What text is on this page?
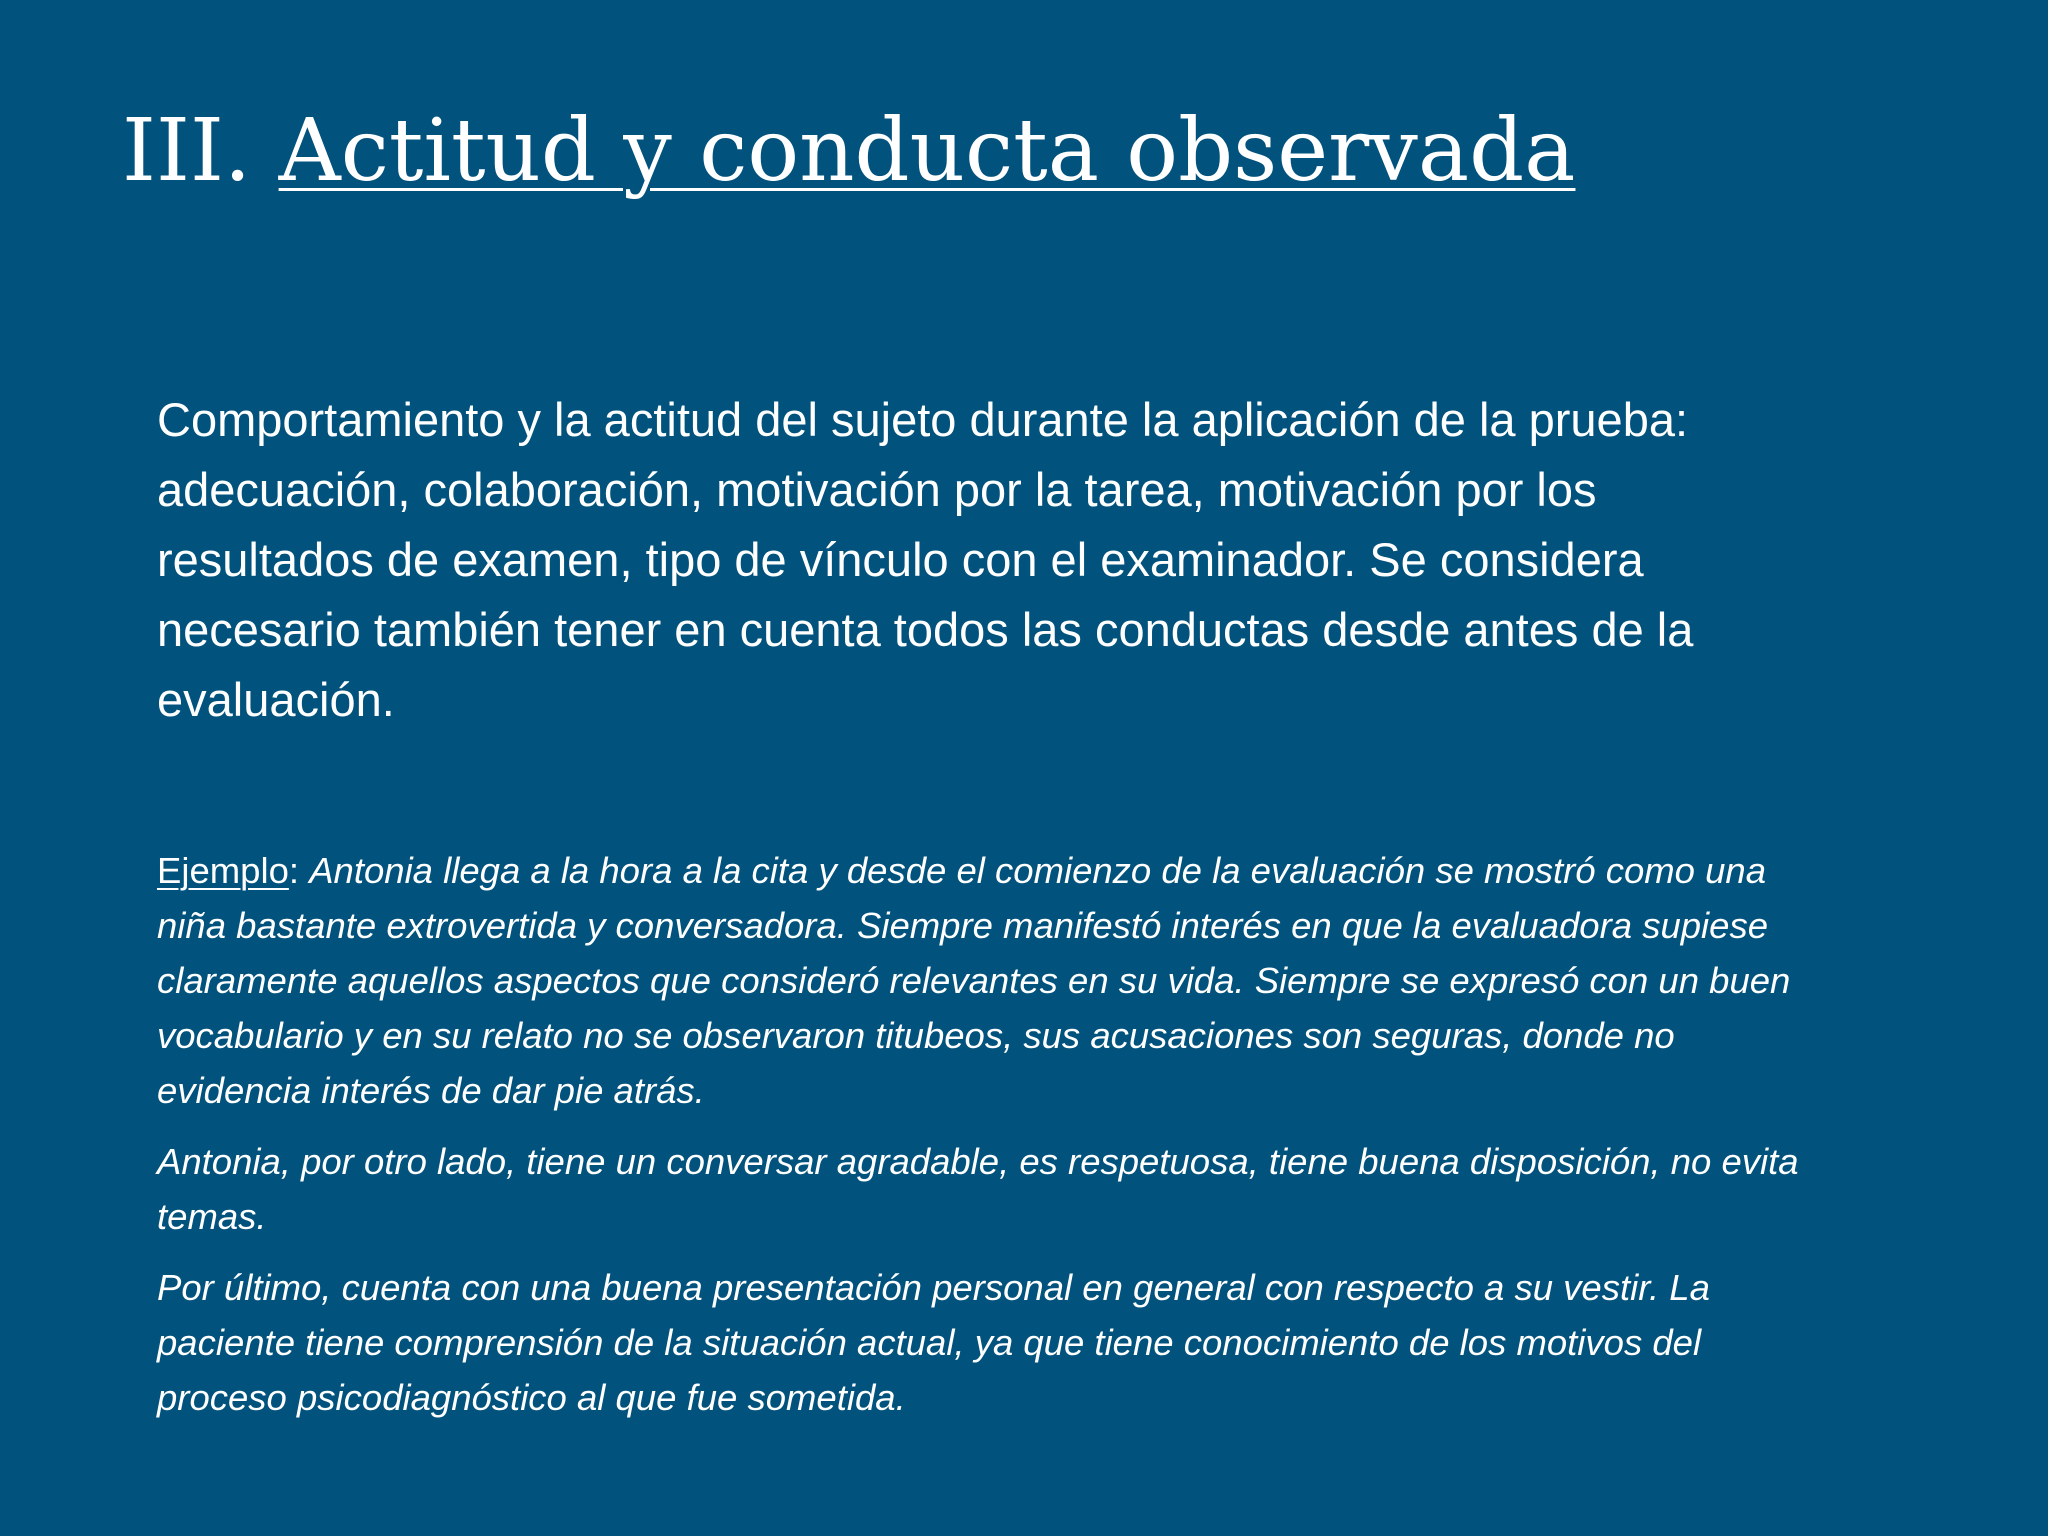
III. Actitud y conducta observada

Comportamiento y la actitud del sujeto durante la aplicación de la prueba: adecuación, colaboración, motivación por la tarea, motivación por los resultados de examen, tipo de vínculo con el examinador. Se considera necesario también tener en cuenta todos las conductas desde antes de la evaluación.

Ejemplo: Antonia llega a la hora a la cita y desde el comienzo de la evaluación se mostró como una niña bastante extrovertida y conversadora. Siempre manifestó interés en que la evaluadora supiese claramente aquellos aspectos que consideró relevantes en su vida. Siempre se expresó con un buen vocabulario y en su relato no se observaron titubeos, sus acusaciones son seguras, donde no evidencia interés de dar pie atrás.

Antonia, por otro lado, tiene un conversar agradable, es respetuosa, tiene buena disposición, no evita temas.

Por último, cuenta con una buena presentación personal en general con respecto a su vestir. La paciente tiene comprensión de la situación actual, ya que tiene conocimiento de los motivos del proceso psicodiagnóstico al que fue sometida.
